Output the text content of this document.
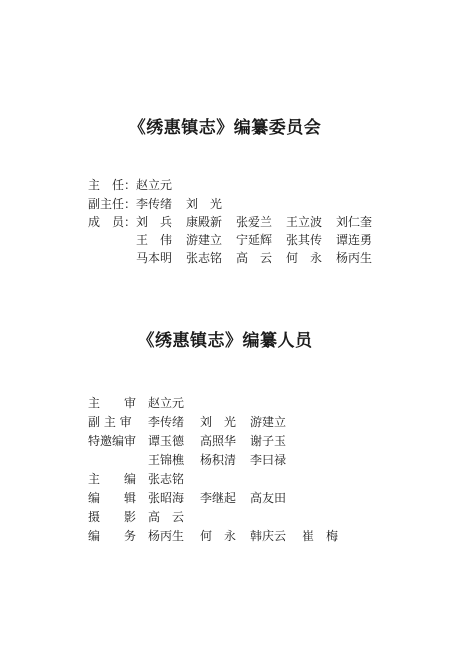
《绣惠镇志》编纂委员会
主　任： 赵立元
副主任： 李传绪 刘　光
成　员： 刘　兵 康殿新 张爱兰 王立波 刘仁奎
王　伟 游建立 宁延辉 张其传 谭连勇
马本明 张志铭 高　云 何　永 杨丙生
《绣惠镇志》编纂人员
主　　审 赵立元
副 主 审 李传绪 刘　光 游建立
特邀编审 谭玉德 高照华 谢子玉
王锦樵 杨积清 李曰禄
主　　编 张志铭
编　　辑 张昭海 李继起 高友田
摄　　影 高　云
编　　务 杨丙生 何　永 韩庆云 崔　梅
